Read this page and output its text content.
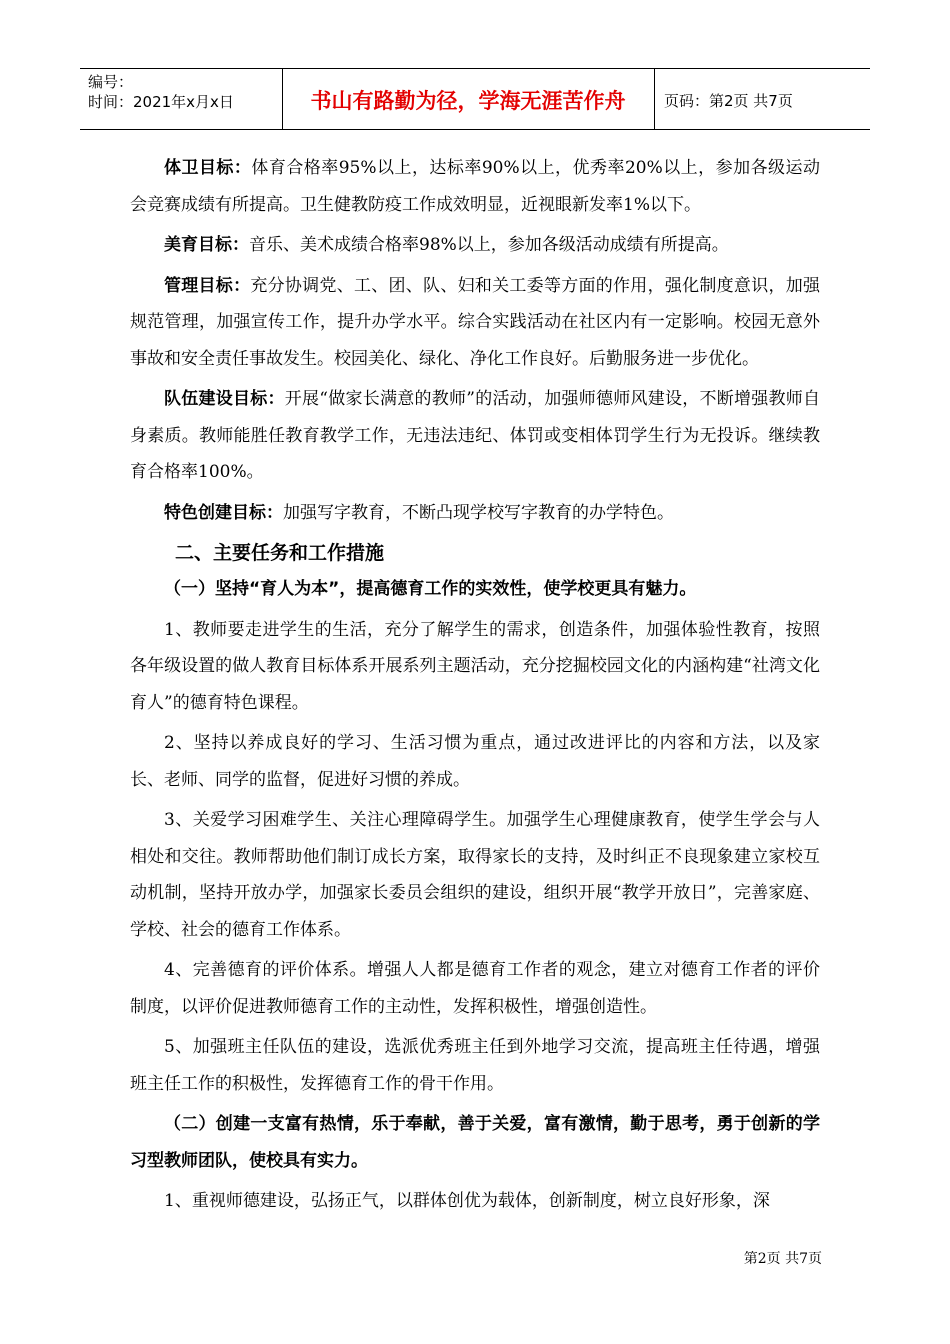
编号：
时间：2021年x月x日	书山有路勤为径，学海无涯苦作舟	页码：第2页 共7页

体卫目标：体育合格率95%以上，达标率90%以上，优秀率20%以上，参加各级运动会竞赛成绩有所提高。卫生健教防疫工作成效明显，近视眼新发率1%以下。

美育目标：音乐、美术成绩合格率98%以上，参加各级活动成绩有所提高。

管理目标：充分协调党、工、团、队、妇和关工委等方面的作用，强化制度意识，加强规范管理，加强宣传工作，提升办学水平。综合实践活动在社区内有一定影响。校园无意外事故和安全责任事故发生。校园美化、绿化、净化工作良好。后勤服务进一步优化。

队伍建设目标：开展“做家长满意的教师”的活动，加强师德师风建设，不断增强教师自身素质。教师能胜任教育教学工作，无违法违纪、体罚或变相体罚学生行为无投诉。继续教育合格率100%。

特色创建目标：加强写字教育，不断凸现学校写字教育的办学特色。

二、主要任务和工作措施
（一）坚持“育人为本”，提高德育工作的实效性，使学校更具有魅力。

1、教师要走进学生的生活，充分了解学生的需求，创造条件，加强体验性教育，按照各年级设置的做人教育目标体系开展系列主题活动，充分挖掘校园文化的内涵构建“社湾文化育人”的德育特色课程。

2、坚持以养成良好的学习、生活习惯为重点，通过改进评比的内容和方法，以及家长、老师、同学的监督，促进好习惯的养成。

3、关爱学习困难学生、关注心理障碍学生。加强学生心理健康教育，使学生学会与人相处和交往。教师帮助他们制订成长方案，取得家长的支持，及时纠正不良现象建立家校互动机制，坚持开放办学，加强家长委员会组织的建设，组织开展“教学开放日”，完善家庭、学校、社会的德育工作体系。

4、完善德育的评价体系。增强人人都是德育工作者的观念，建立对德育工作者的评价制度，以评价促进教师德育工作的主动性，发挥积极性，增强创造性。

5、加强班主任队伍的建设，选派优秀班主任到外地学习交流，提高班主任待遇，增强班主任工作的积极性，发挥德育工作的骨干作用。

（二）创建一支富有热情，乐于奉献，善于关爱，富有激情，勤于思考，勇于创新的学习型教师团队，使校具有实力。

1、重视师德建设，弘扬正气，以群体创优为载体，创新制度，树立良好形象，深

第2页 共7页
